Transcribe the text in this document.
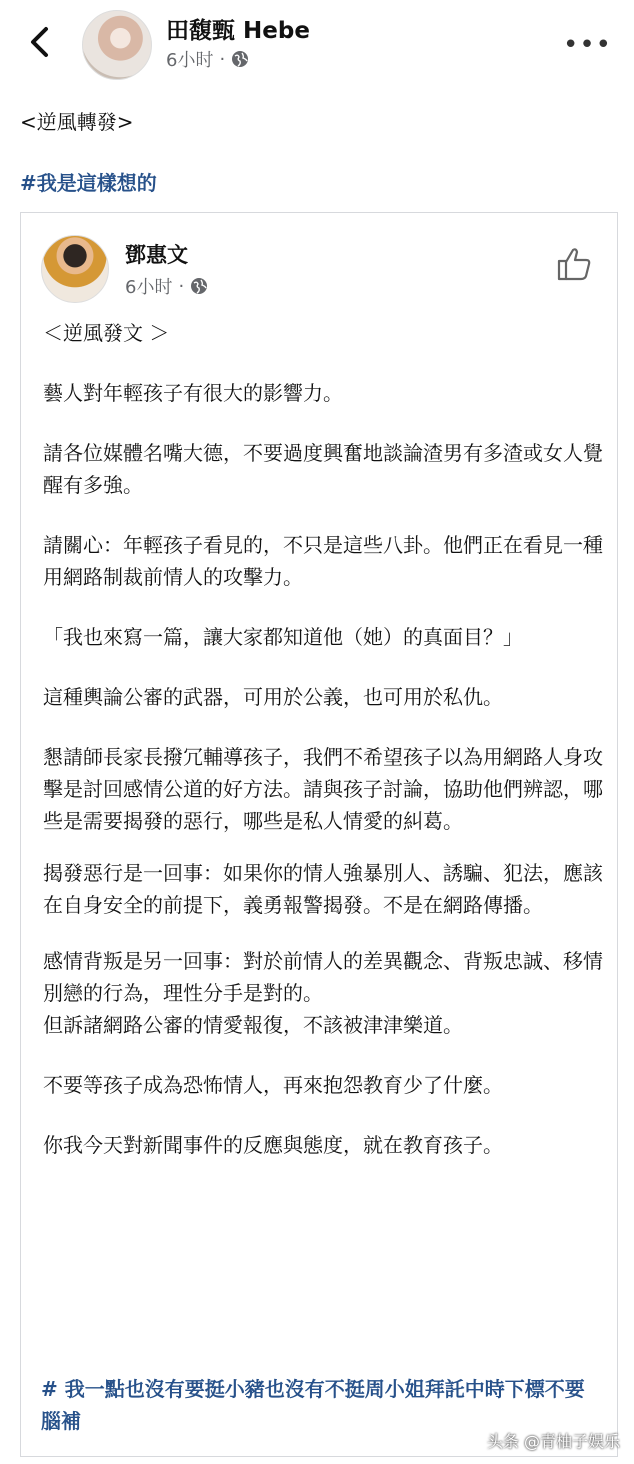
田馥甄 Hebe
6小时 ·	•••
<逆風轉發>
#我是這樣想的
鄧惠文
6小时 ·

＜逆風發文 ＞

藝人對年輕孩子有很大的影響力。

請各位媒體名嘴大德，不要過度興奮地談論渣男有多渣或女人覺醒有多強。

請關心：年輕孩子看見的，不只是這些八卦。他們正在看見一種用網路制裁前情人的攻擊力。

「我也來寫一篇，讓大家都知道他（她）的真面目？」

這種輿論公審的武器，可用於公義，也可用於私仇。

懇請師長家長撥冗輔導孩子，我們不希望孩子以為用網路人身攻擊是討回感情公道的好方法。請與孩子討論，協助他們辨認，哪些是需要揭發的惡行，哪些是私人情愛的糾葛。

揭發惡行是一回事：如果你的情人強暴別人、誘騙、犯法，應該在自身安全的前提下，義勇報警揭發。不是在網路傳播。

感情背叛是另一回事：對於前情人的差異觀念、背叛忠誠、移情別戀的行為，理性分手是對的。

但訴諸網路公審的情愛報復，不該被津津樂道。

不要等孩子成為恐怖情人，再來抱怨教育少了什麼。

你我今天對新聞事件的反應與態度，就在教育孩子。

# 我一點也沒有要挺小豬也沒有不挺周小姐拜託中時下標不要腦補
头条 @青柚子娱乐
